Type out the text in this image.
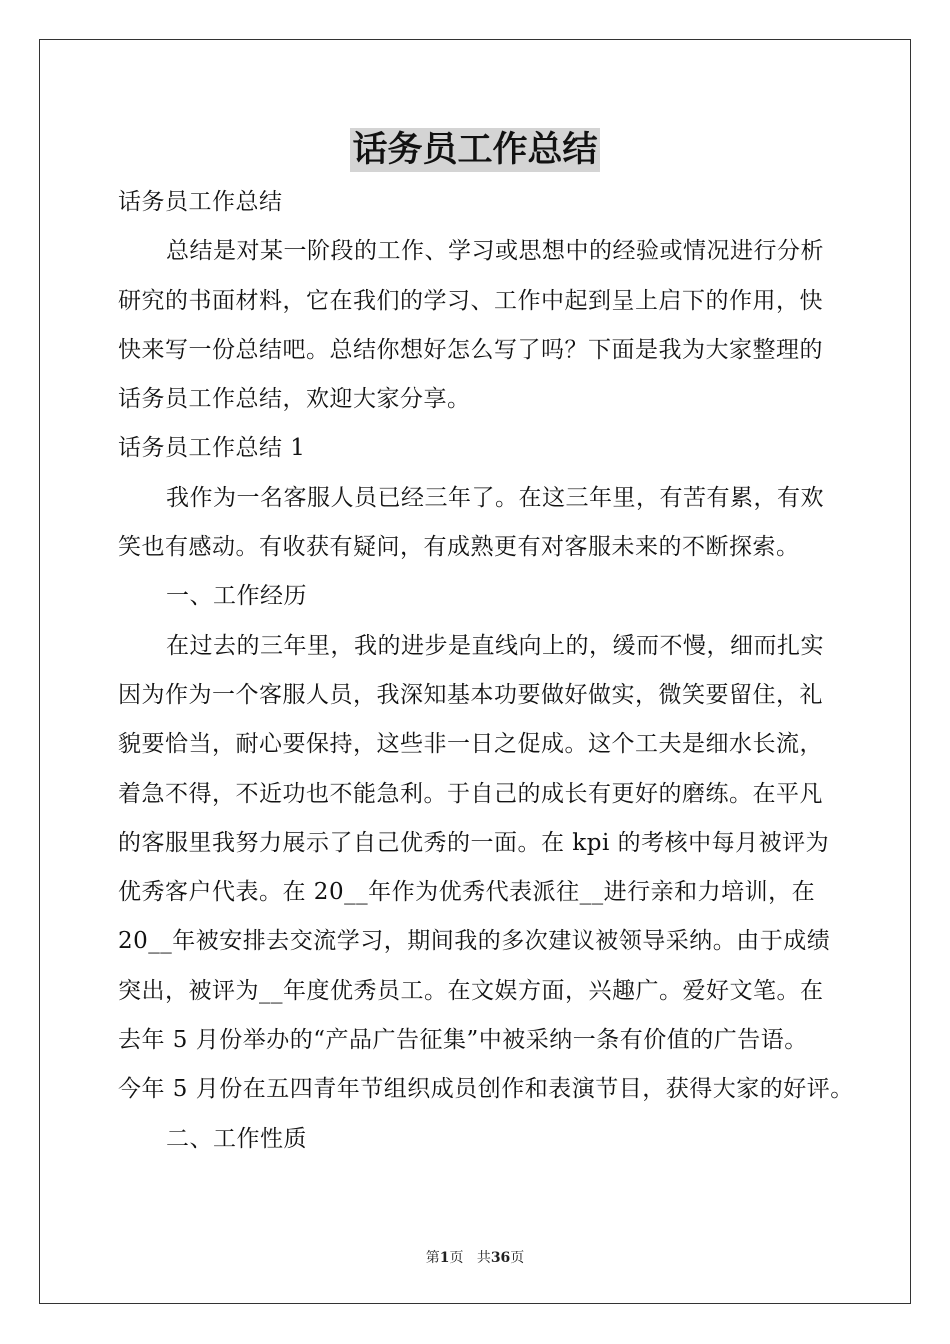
话务员工作总结

话务员工作总结

总结是对某一阶段的工作、学习或思想中的经验或情况进行分析

研究的书面材料，它在我们的学习、工作中起到呈上启下的作用，快

快来写一份总结吧。总结你想好怎么写了吗？下面是我为大家整理的

话务员工作总结，欢迎大家分享。

话务员工作总结 1

我作为一名客服人员已经三年了。在这三年里，有苦有累，有欢

笑也有感动。有收获有疑问，有成熟更有对客服未来的不断探索。

一、工作经历

在过去的三年里，我的进步是直线向上的，缓而不慢，细而扎实

因为作为一个客服人员，我深知基本功要做好做实，微笑要留住，礼

貌要恰当，耐心要保持，这些非一日之促成。这个工夫是细水长流，

着急不得，不近功也不能急利。于自己的成长有更好的磨练。在平凡

的客服里我努力展示了自己优秀的一面。在 kpi 的考核中每月被评为

优秀客户代表。在 20__年作为优秀代表派往__进行亲和力培训，在

20__年被安排去交流学习，期间我的多次建议被领导采纳。由于成绩

突出，被评为__年度优秀员工。在文娱方面，兴趣广。爱好文笔。在

去年 5 月份举办的“产品广告征集”中被采纳一条有价值的广告语。

今年 5 月份在五四青年节组织成员创作和表演节目，获得大家的好评。

二、工作性质

第1页 共36页
